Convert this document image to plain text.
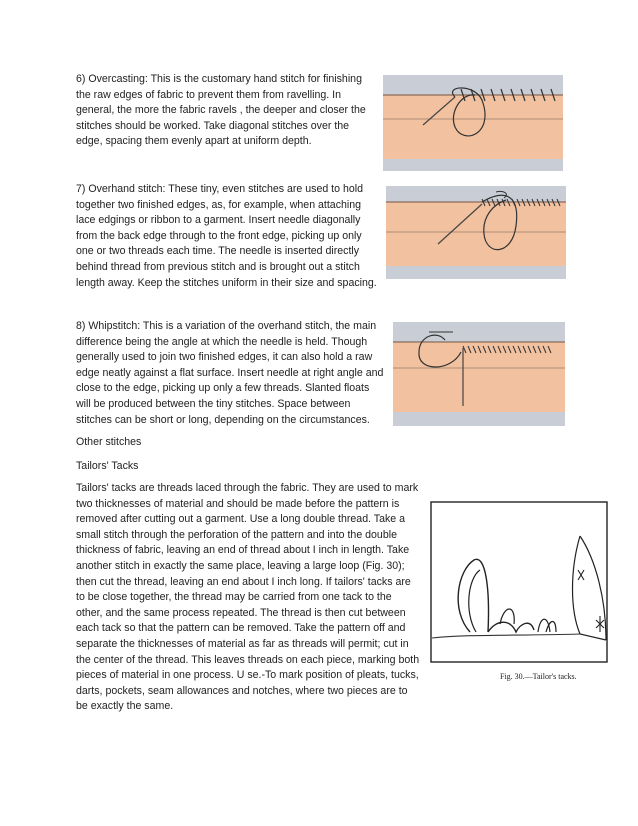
6) Overcasting: This is the customary hand stitch for finishing
the raw edges of fabric to prevent them from ravelling. In
general, the more the fabric ravels , the deeper and closer the
stitches should be worked. Take diagonal stitches over the
edge, spacing them evenly apart at uniform depth.

7) Overhand stitch: These tiny, even stitches are used to hold
together two finished edges, as, for example, when attaching
lace edgings or ribbon to a garment. Insert needle diagonally
from the back edge through to the front edge, picking up only
one or two threads each time. The needle is inserted directly
behind thread from previous stitch and is brought out a stitch
length away. Keep the stitches uniform in their size and spacing.

8) Whipstitch: This is a variation of the overhand stitch, the main
difference being the angle at which the needle is held. Though
generally used to join two finished edges, it can also hold a raw
edge neatly against a flat surface. Insert needle at right angle and
close to the edge, picking up only a few threads. Slanted floats
will be produced between the tiny stitches. Space between
stitches can be short or long, depending on the circumstances.

Other stitches

Tailors' Tacks

Tailors' tacks are threads laced through the fabric. They are used to mark
two thicknesses of material and should be made before the pattern is
removed after cutting out a garment. Use a long double thread. Take a
small stitch through the perforation of the pattern and into the double
thickness of fabric, leaving an end of thread about I inch in length. Take
another stitch in exactly the same place, leaving a large loop (Fig. 30);
then cut the thread, leaving an end about I inch long. If tailors' tacks are
to be close together, the thread may be carried from one tack to the
other, and the same process repeated. The thread is then cut between
each tack so that the pattern can be removed. Take the pattern off and
separate the thicknesses of material as far as threads will permit; cut in
the center of the thread. This leaves threads on each piece, marking both
pieces of material in one process. U se.-To mark position of pleats, tucks,
darts, pockets, seam allowances and notches, where two pieces are to
be exactly the same.

Fig. 30.—Tailor's tacks.
